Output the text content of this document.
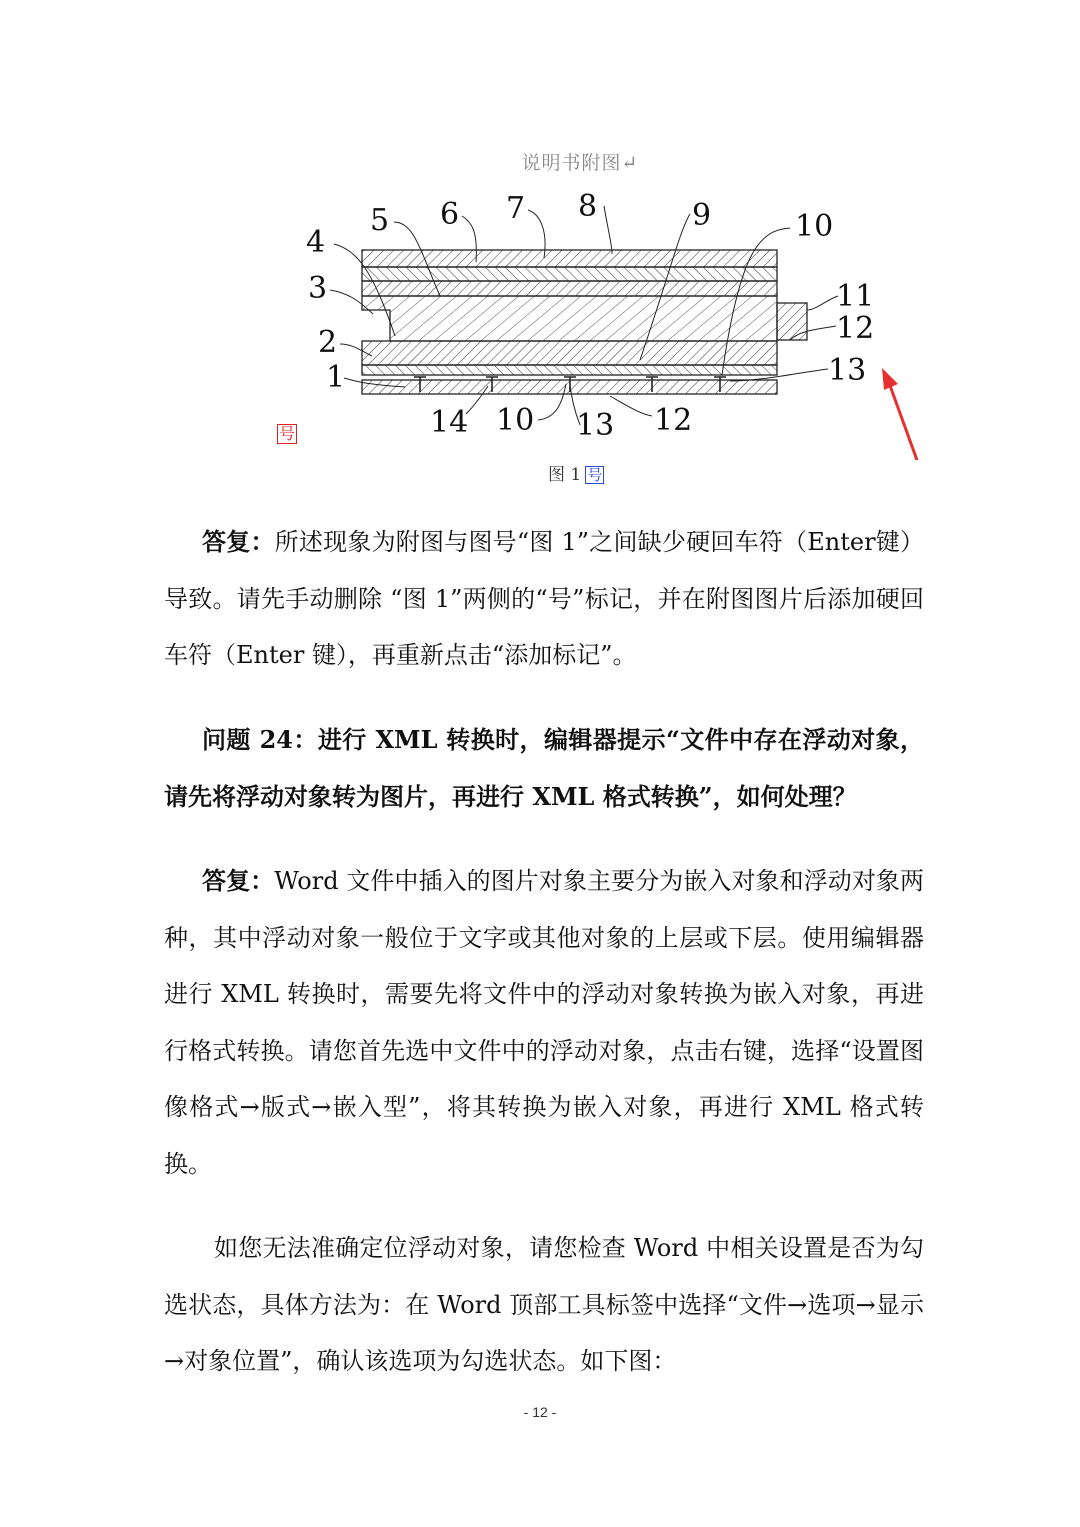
说明书附图↵
1
2
3
4
5 6 7 8	9	10
11
12
13
14 10 13 12
号
图 1 号
答复：所述现象为附图与图号“图 1”之间缺少硬回车符（Enter键）导致。请先手动删除 “图 1”两侧的“号”标记，并在附图图片后添加硬回车符（Enter 键），再重新点击“添加标记”。
问题 24：进行 XML 转换时，编辑器提示“文件中存在浮动对象，请先将浮动对象转为图片，再进行 XML 格式转换”，如何处理？
答复：Word 文件中插入的图片对象主要分为嵌入对象和浮动对象两种，其中浮动对象一般位于文字或其他对象的上层或下层。使用编辑器进行 XML 转换时，需要先将文件中的浮动对象转换为嵌入对象，再进行格式转换。请您首先选中文件中的浮动对象，点击右键，选择“设置图像格式→版式→嵌入型”，将其转换为嵌入对象，再进行 XML 格式转换。
如您无法准确定位浮动对象，请您检查 Word 中相关设置是否为勾选状态，具体方法为：在 Word 顶部工具标签中选择“文件→选项→显示→对象位置”，确认该选项为勾选状态。如下图：
- 12 -
